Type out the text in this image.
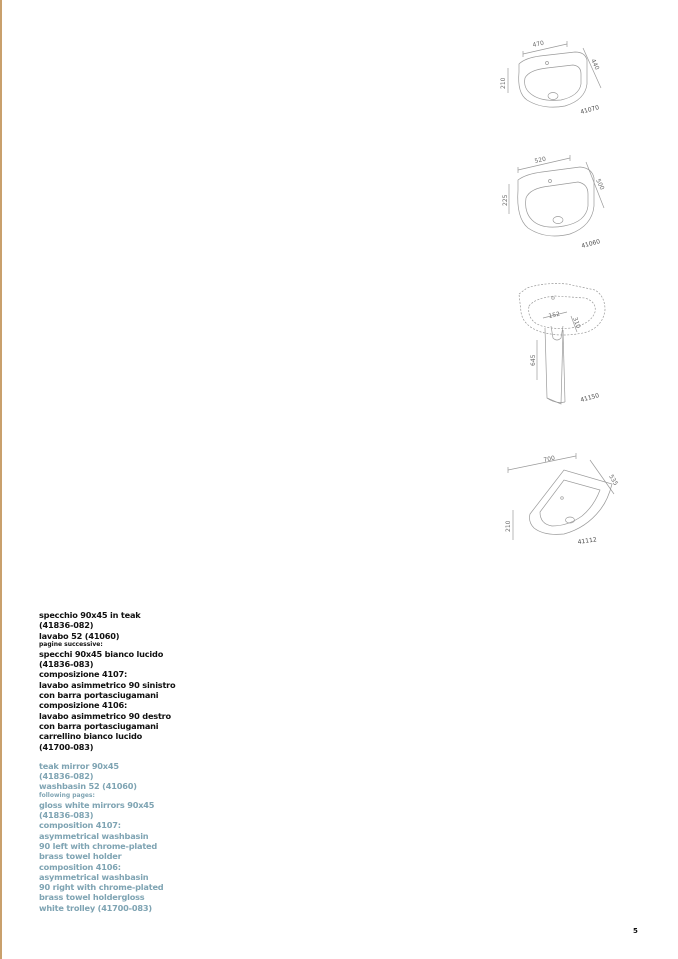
470
440
210
41070
520
500
225
41060
152
310
645
41150
700
535
210
41112
specchio 90x45 in teak
(41836-082)
lavabo 52 (41060)
pagine successive:
specchi 90x45 bianco lucido
(41836-083)
composizione 4107:
lavabo asimmetrico 90 sinistro
con barra portasciugamani
composizione 4106:
lavabo asimmetrico 90 destro
con barra portasciugamani
carrellino bianco lucido
(41700-083)
teak mirror 90x45
(41836-082)
washbasin 52 (41060)
following pages:
gloss white mirrors 90x45
(41836-083)
composition 4107:
asymmetrical washbasin
90 left with chrome-plated
brass towel holder
composition 4106:
asymmetrical washbasin
90 right with chrome-plated
brass towel holdergloss
white trolley (41700-083)
5
